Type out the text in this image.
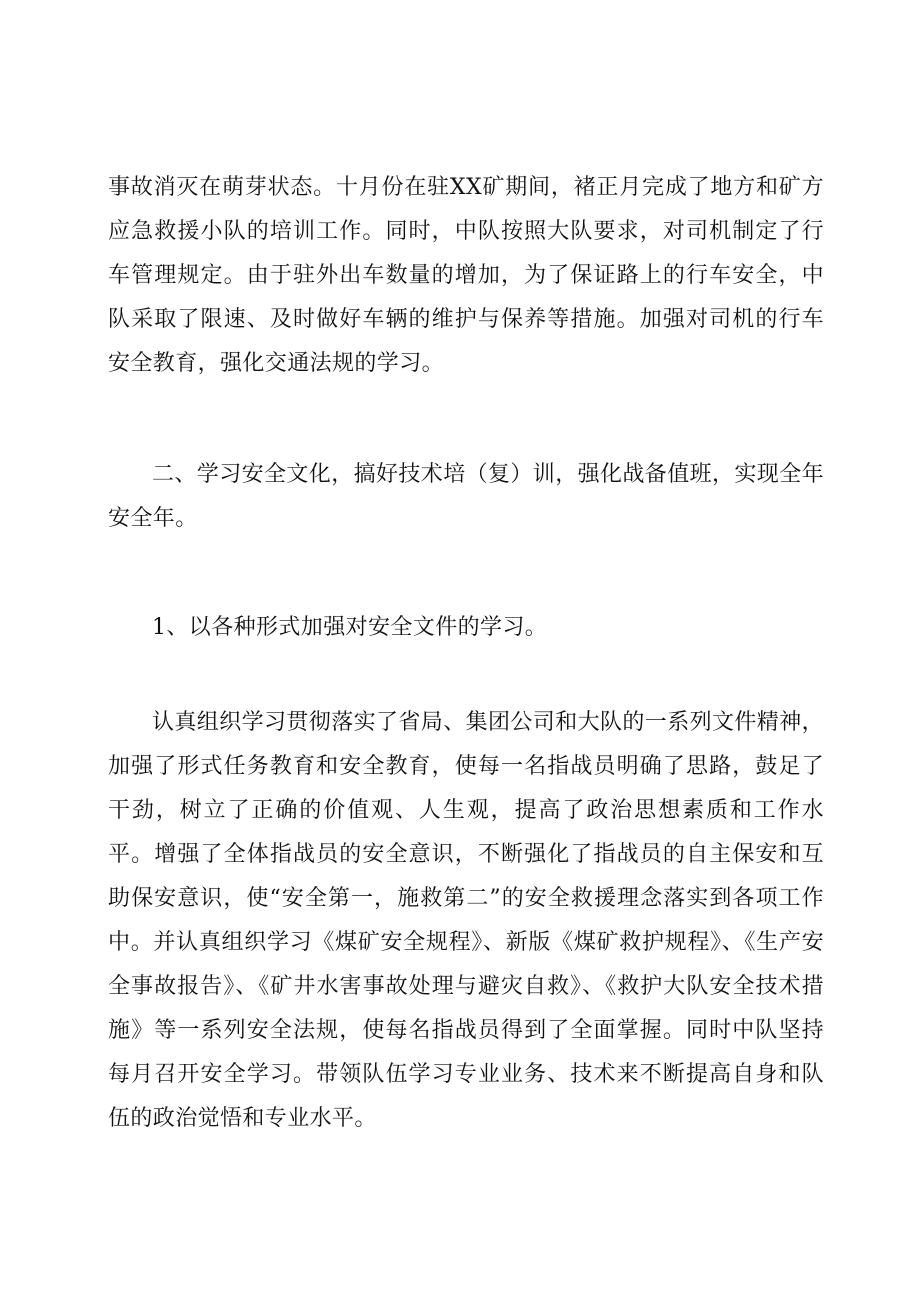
事故消灭在萌芽状态。十月份在驻XX矿期间，褚正月完成了地方和矿方应急救援小队的培训工作。同时，中队按照大队要求，对司机制定了行车管理规定。由于驻外出车数量的增加，为了保证路上的行车安全，中队采取了限速、及时做好车辆的维护与保养等措施。加强对司机的行车安全教育，强化交通法规的学习。

二、学习安全文化，搞好技术培（复）训，强化战备值班，实现全年安全年。

1、以各种形式加强对安全文件的学习。

认真组织学习贯彻落实了省局、集团公司和大队的一系列文件精神，加强了形式任务教育和安全教育，使每一名指战员明确了思路，鼓足了干劲，树立了正确的价值观、人生观，提高了政治思想素质和工作水平。增强了全体指战员的安全意识，不断强化了指战员的自主保安和互助保安意识，使“安全第一，施救第二”的安全救援理念落实到各项工作中。并认真组织学习《煤矿安全规程》、新版《煤矿救护规程》、《生产安全事故报告》、《矿井水害事故处理与避灾自救》、《救护大队安全技术措施》等一系列安全法规，使每名指战员得到了全面掌握。同时中队坚持每月召开安全学习。带领队伍学习专业业务、技术来不断提高自身和队伍的政治觉悟和专业水平。
